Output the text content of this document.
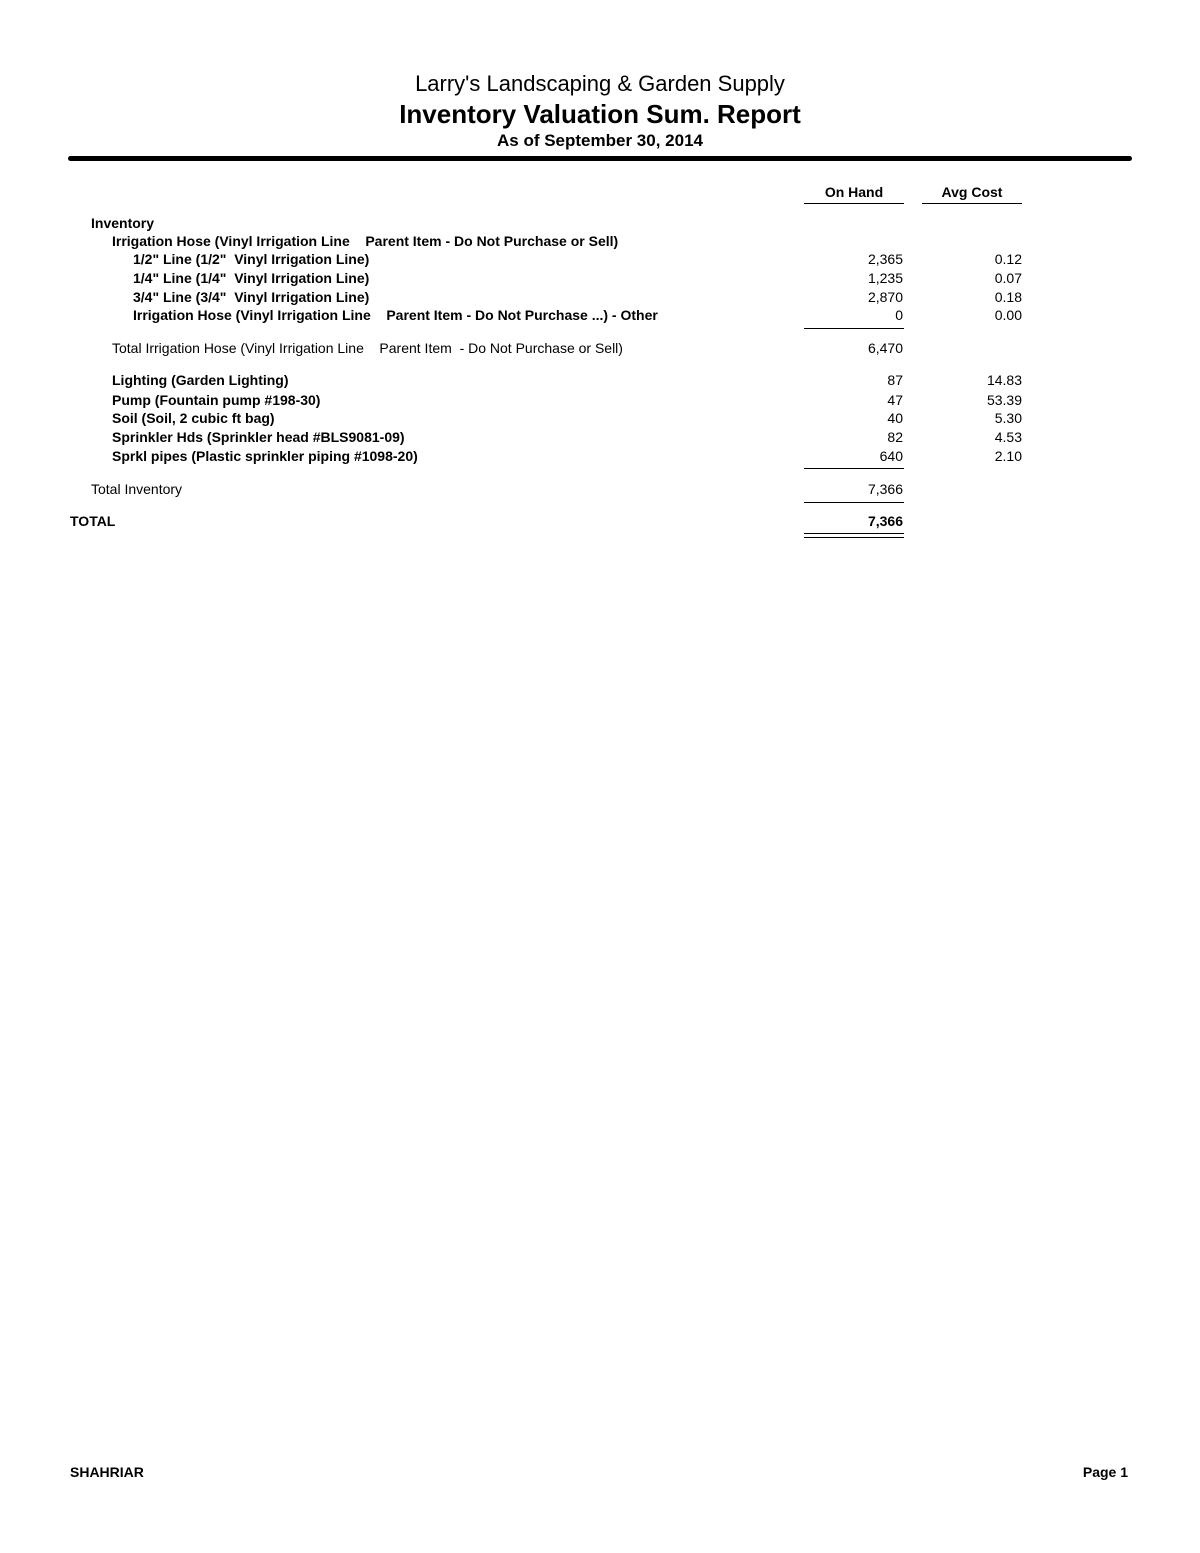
Larry's Landscaping & Garden Supply
Inventory Valuation Sum. Report
As of September 30, 2014
On Hand	Avg Cost
Inventory
Irrigation Hose (Vinyl Irrigation Line    Parent Item - Do Not Purchase or Sell)
1/2" Line (1/2"  Vinyl Irrigation Line)	2,365	0.12
1/4" Line (1/4"  Vinyl Irrigation Line)	1,235	0.07
3/4" Line (3/4"  Vinyl Irrigation Line)	2,870	0.18
Irrigation Hose (Vinyl Irrigation Line    Parent Item - Do Not Purchase ...) - Other	0	0.00
Total Irrigation Hose (Vinyl Irrigation Line    Parent Item  - Do Not Purchase or Sell)	6,470
Lighting (Garden Lighting)	87	14.83
Pump (Fountain pump #198-30)	47	53.39
Soil (Soil, 2 cubic ft bag)	40	5.30
Sprinkler Hds (Sprinkler head #BLS9081-09)	82	4.53
Sprkl pipes (Plastic sprinkler piping #1098-20)	640	2.10
Total Inventory	7,366
TOTAL	7,366
SHAHRIAR	Page 1
